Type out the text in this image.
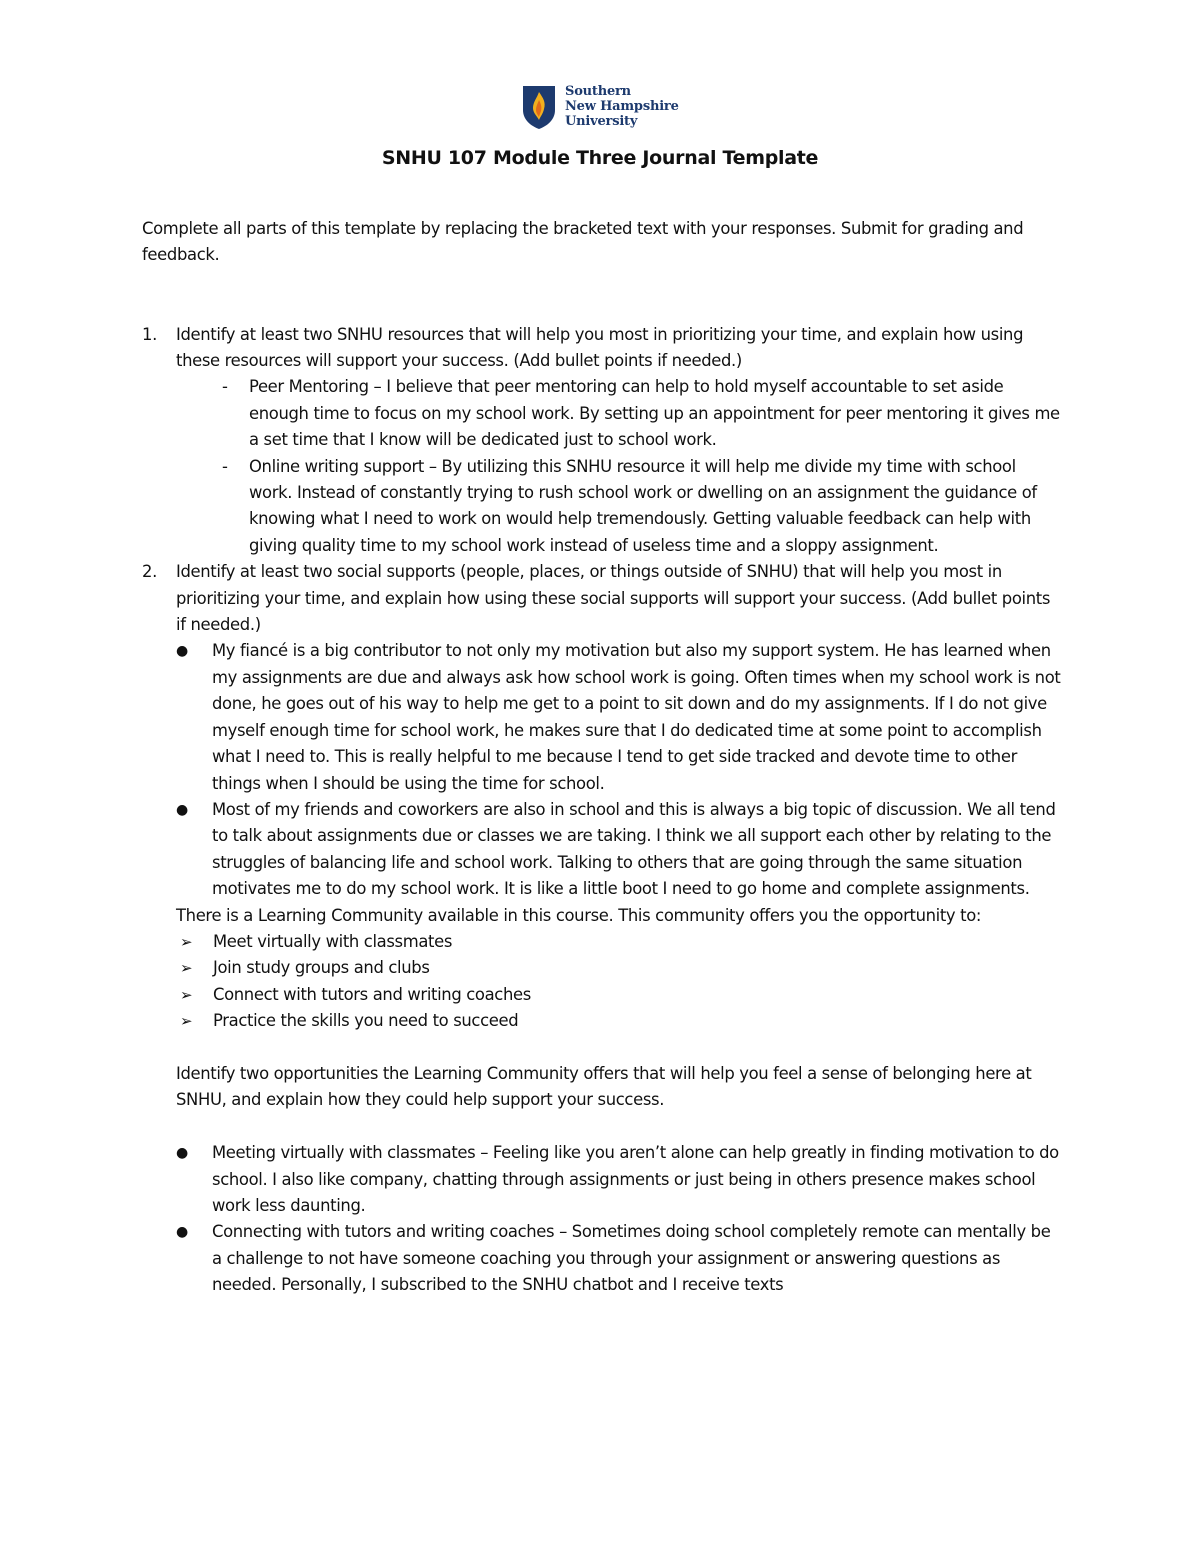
Southern
New Hampshire
University
SNHU 107 Module Three Journal Template

Complete all parts of this template by replacing the bracketed text with your responses. Submit for grading and feedback.

1. Identify at least two SNHU resources that will help you most in prioritizing your time, and explain how using these resources will support your success. (Add bullet points if needed.)
- Peer Mentoring – I believe that peer mentoring can help to hold myself accountable to set aside enough time to focus on my school work. By setting up an appointment for peer mentoring it gives me a set time that I know will be dedicated just to school work.
- Online writing support – By utilizing this SNHU resource it will help me divide my time with school work. Instead of constantly trying to rush school work or dwelling on an assignment the guidance of knowing what I need to work on would help tremendously. Getting valuable feedback can help with giving quality time to my school work instead of useless time and a sloppy assignment.
2. Identify at least two social supports (people, places, or things outside of SNHU) that will help you most in prioritizing your time, and explain how using these social supports will support your success. (Add bullet points if needed.)
● My fiancé is a big contributor to not only my motivation but also my support system. He has learned when my assignments are due and always ask how school work is going. Often times when my school work is not done, he goes out of his way to help me get to a point to sit down and do my assignments. If I do not give myself enough time for school work, he makes sure that I do dedicated time at some point to accomplish what I need to. This is really helpful to me because I tend to get side tracked and devote time to other things when I should be using the time for school.
● Most of my friends and coworkers are also in school and this is always a big topic of discussion. We all tend to talk about assignments due or classes we are taking. I think we all support each other by relating to the struggles of balancing life and school work. Talking to others that are going through the same situation motivates me to do my school work. It is like a little boot I need to go home and complete assignments.

There is a Learning Community available in this course. This community offers you the opportunity to:

➢ Meet virtually with classmates
➢ Join study groups and clubs
➢ Connect with tutors and writing coaches
➢ Practice the skills you need to succeed

Identify two opportunities the Learning Community offers that will help you feel a sense of belonging here at SNHU, and explain how they could help support your success.

● Meeting virtually with classmates – Feeling like you aren’t alone can help greatly in finding motivation to do school. I also like company, chatting through assignments or just being in others presence makes school work less daunting.
● Connecting with tutors and writing coaches – Sometimes doing school completely remote can mentally be a challenge to not have someone coaching you through your assignment or answering questions as needed. Personally, I subscribed to the SNHU chatbot and I receive texts
